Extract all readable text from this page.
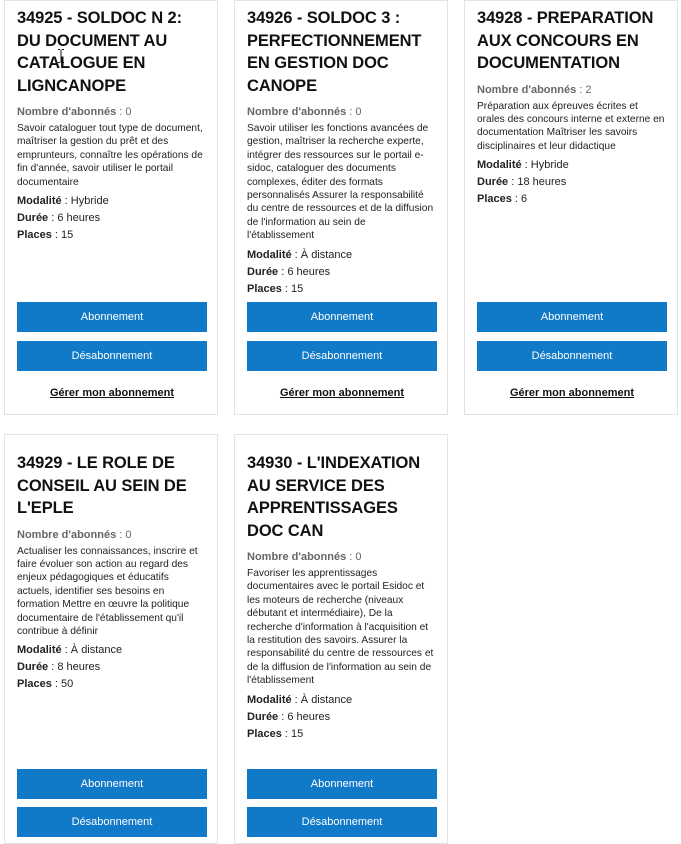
34925 - SOLDOC N 2: DU DOCUMENT AU CATALOGUE EN LIGNCANOPE
Nombre d'abonnés : 0
Savoir cataloguer tout type de document, maîtriser la gestion du prêt et des emprunteurs, connaître les opérations de fin d'année, savoir utiliser le portail documentaire
Modalité : Hybride
Durée : 6 heures
Places : 15
Abonnement
Désabonnement
Gérer mon abonnement
34926 - SOLDOC 3 : PERFECTIONNEMENT EN GESTION DOC CANOPE
Nombre d'abonnés : 0
Savoir utiliser les fonctions avancées de gestion, maîtriser la recherche experte, intégrer des ressources sur le portail e-sidoc, cataloguer des documents complexes, éditer des formats personnalisés Assurer la responsabilité du centre de ressources et de la diffusion de l'information au sein de l'établissement
Modalité : À distance
Durée : 6 heures
Places : 15
Abonnement
Désabonnement
Gérer mon abonnement
34928 - PREPARATION AUX CONCOURS EN DOCUMENTATION
Nombre d'abonnés : 2
Préparation aux épreuves écrites et orales des concours interne et externe en documentation Maîtriser les savoirs disciplinaires et leur didactique
Modalité : Hybride
Durée : 18 heures
Places : 6
Abonnement
Désabonnement
Gérer mon abonnement
34929 - LE ROLE DE CONSEIL AU SEIN DE L'EPLE
Nombre d'abonnés : 0
Actualiser les connaissances, inscrire et faire évoluer son action au regard des enjeux pédagogiques et éducatifs actuels, identifier ses besoins en formation Mettre en œuvre la politique documentaire de l'établissement qu'il contribue à définir
Modalité : À distance
Durée : 8 heures
Places : 50
Abonnement
Désabonnement
34930 - L'INDEXATION AU SERVICE DES APPRENTISSAGES DOC CAN
Nombre d'abonnés : 0
Favoriser les apprentissages documentaires avec le portail Esidoc et les moteurs de recherche (niveaux débutant et intermédiaire), De la recherche d'information à l'acquisition et la restitution des savoirs. Assurer la responsabilité du centre de ressources et de la diffusion de l'information au sein de l'établissement
Modalité : À distance
Durée : 6 heures
Places : 15
Abonnement
Désabonnement
